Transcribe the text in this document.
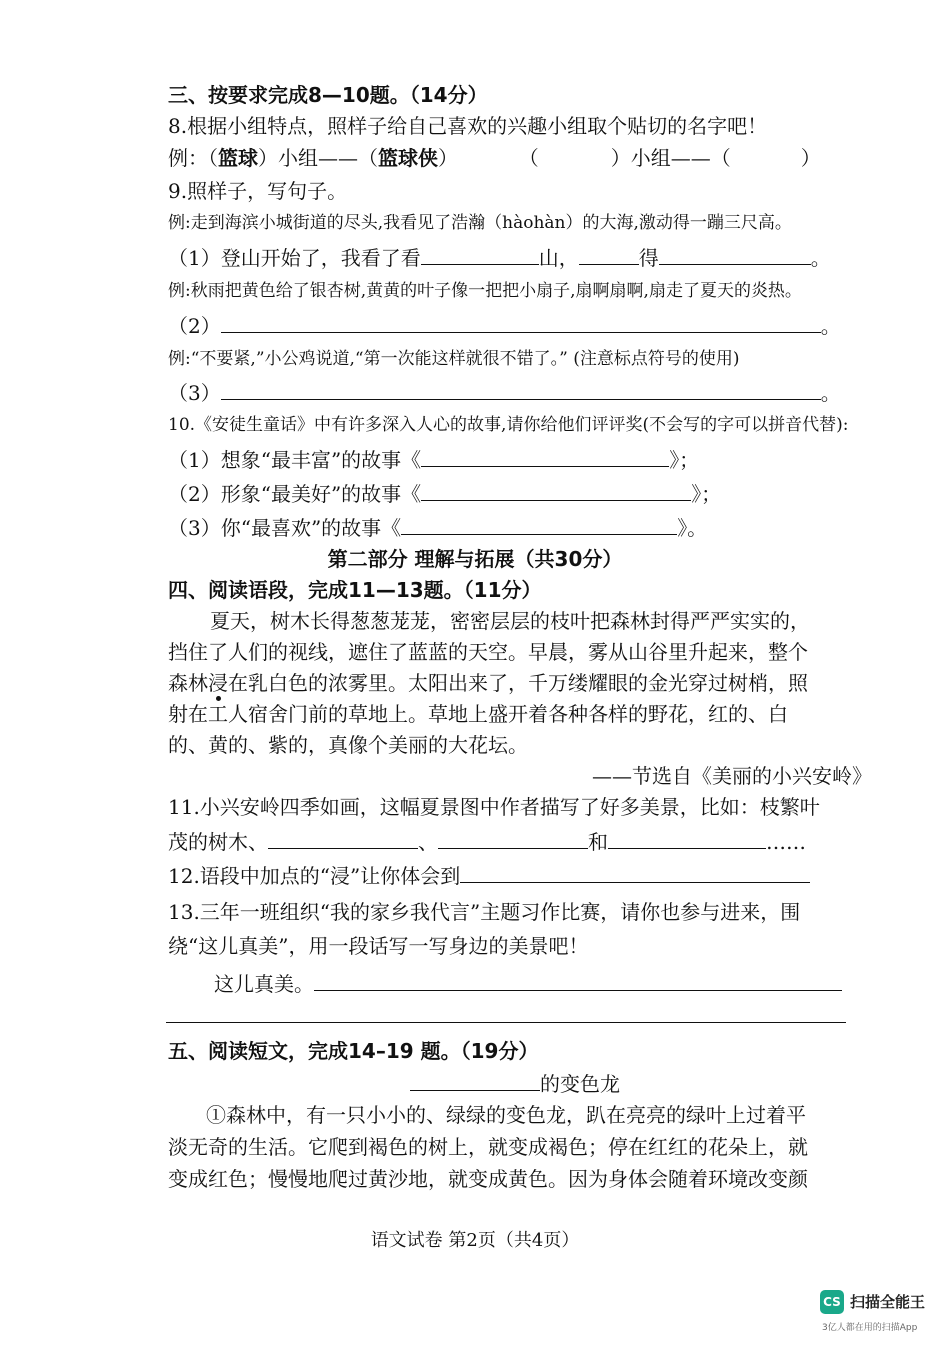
三、按要求完成8—10题。（14分）
8.根据小组特点，照样子给自己喜欢的兴趣小组取个贴切的名字吧！
例：（篮球）小组——（篮球侠）	（	）小组——（	）
9.照样子，写句子。
例:走到海滨小城街道的尽头,我看见了浩瀚（hàohàn）的大海,激动得一蹦三尺高。
（1）登山开始了，我看了看	山，	得	。
例:秋雨把黄色给了银杏树,黄黄的叶子像一把把小扇子,扇啊扇啊,扇走了夏天的炎热。
（2）	。
例:“不要紧,”小公鸡说道,“第一次能这样就很不错了。” (注意标点符号的使用)
（3）	。
10.《安徒生童话》中有许多深入人心的故事,请你给他们评评奖(不会写的字可以拼音代替):
（1）想象“最丰富”的故事《	》；
（2）形象“最美好”的故事《	》；
（3）你“最喜欢”的故事《	》。
第二部分 理解与拓展（共30分）
四、阅读语段，完成11—13题。（11分）
夏天，树木长得葱葱茏茏，密密层层的枝叶把森林封得严严实实的，
挡住了人们的视线，遮住了蓝蓝的天空。早晨，雾从山谷里升起来，整个
森林浸在乳白色的浓雾里。太阳出来了，千万缕耀眼的金光穿过树梢，照
射在工人宿舍门前的草地上。草地上盛开着各种各样的野花，红的、白
的、黄的、紫的，真像个美丽的大花坛。
——节选自《美丽的小兴安岭》
11.小兴安岭四季如画，这幅夏景图中作者描写了好多美景，比如：枝繁叶
茂的树木、	、	和	……
12.语段中加点的“浸”让你体会到
13.三年一班组织“我的家乡我代言”主题习作比赛，请你也参与进来，围
绕“这儿真美”，用一段话写一写身边的美景吧！
这儿真美。
五、阅读短文，完成14–19 题。（19分）
的变色龙
①森林中，有一只小小的、绿绿的变色龙，趴在亮亮的绿叶上过着平
淡无奇的生活。它爬到褐色的树上，就变成褐色；停在红红的花朵上，就
变成红色；慢慢地爬过黄沙地，就变成黄色。因为身体会随着环境改变颜
语文试卷 第2页（共4页）
CS 扫描全能王
3亿人都在用的扫描App
